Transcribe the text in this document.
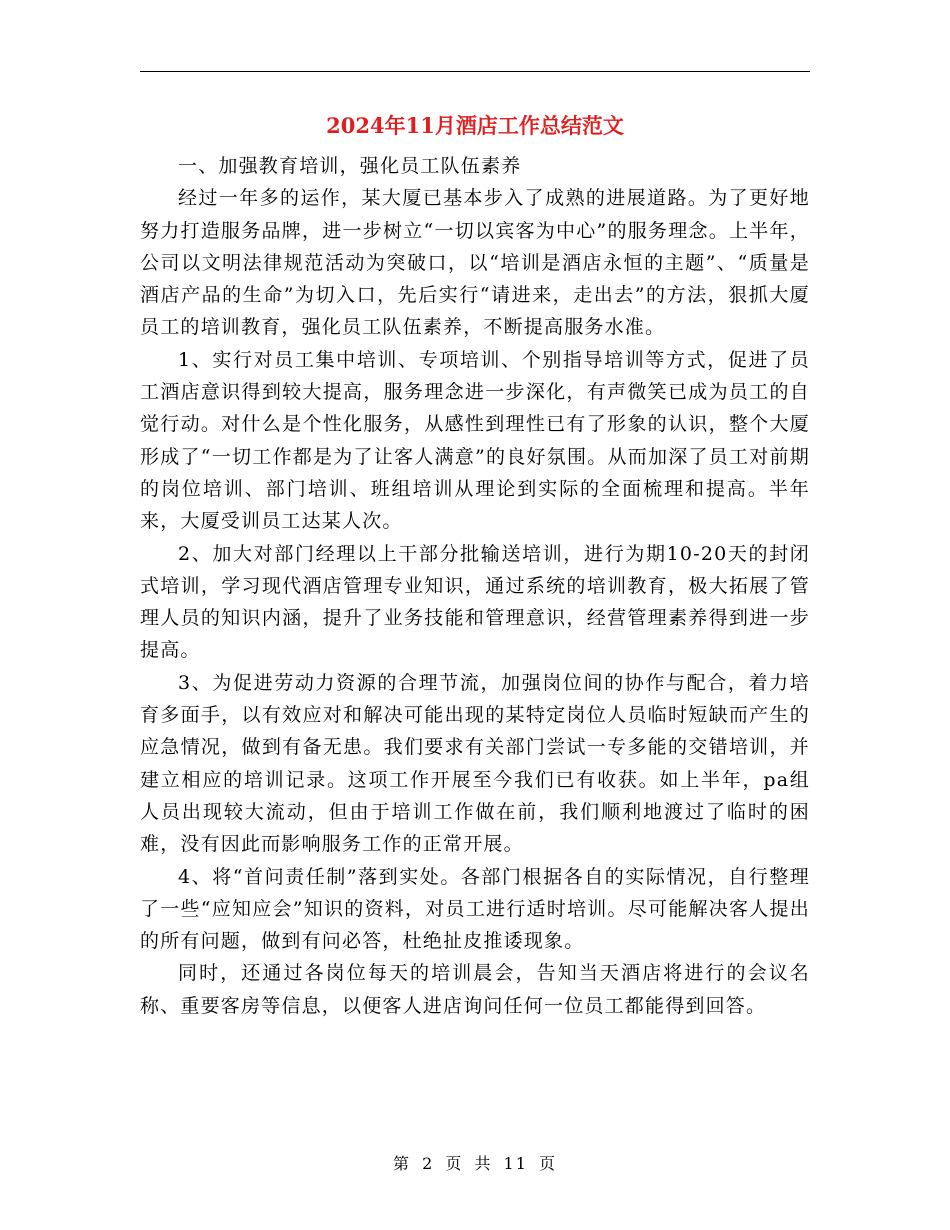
2024年11月酒店工作总结范文

一、加强教育培训，强化员工队伍素养

经过一年多的运作，某大厦已基本步入了成熟的进展道路。为了更好地努力打造服务品牌，进一步树立“一切以宾客为中心”的服务理念。上半年，公司以文明法律规范活动为突破口，以“培训是酒店永恒的主题”、“质量是酒店产品的生命”为切入口，先后实行“请进来，走出去”的方法，狠抓大厦员工的培训教育，强化员工队伍素养，不断提高服务水准。

1、实行对员工集中培训、专项培训、个别指导培训等方式，促进了员工酒店意识得到较大提高，服务理念进一步深化，有声微笑已成为员工的自觉行动。对什么是个性化服务，从感性到理性已有了形象的认识，整个大厦形成了“一切工作都是为了让客人满意”的良好氛围。从而加深了员工对前期的岗位培训、部门培训、班组培训从理论到实际的全面梳理和提高。半年来，大厦受训员工达某人次。

2、加大对部门经理以上干部分批输送培训，进行为期10-20天的封闭式培训，学习现代酒店管理专业知识，通过系统的培训教育，极大拓展了管理人员的知识内涵，提升了业务技能和管理意识，经营管理素养得到进一步提高。

3、为促进劳动力资源的合理节流，加强岗位间的协作与配合，着力培育多面手，以有效应对和解决可能出现的某特定岗位人员临时短缺而产生的应急情况，做到有备无患。我们要求有关部门尝试一专多能的交错培训，并建立相应的培训记录。这项工作开展至今我们已有收获。如上半年，pa组人员出现较大流动，但由于培训工作做在前，我们顺利地渡过了临时的困难，没有因此而影响服务工作的正常开展。

4、将“首问责任制”落到实处。各部门根据各自的实际情况，自行整理了一些“应知应会”知识的资料，对员工进行适时培训。尽可能解决客人提出的所有问题，做到有问必答，杜绝扯皮推诿现象。

同时，还通过各岗位每天的培训晨会，告知当天酒店将进行的会议名称、重要客房等信息，以便客人进店询问任何一位员工都能得到回答。

第 2 页 共 11 页
